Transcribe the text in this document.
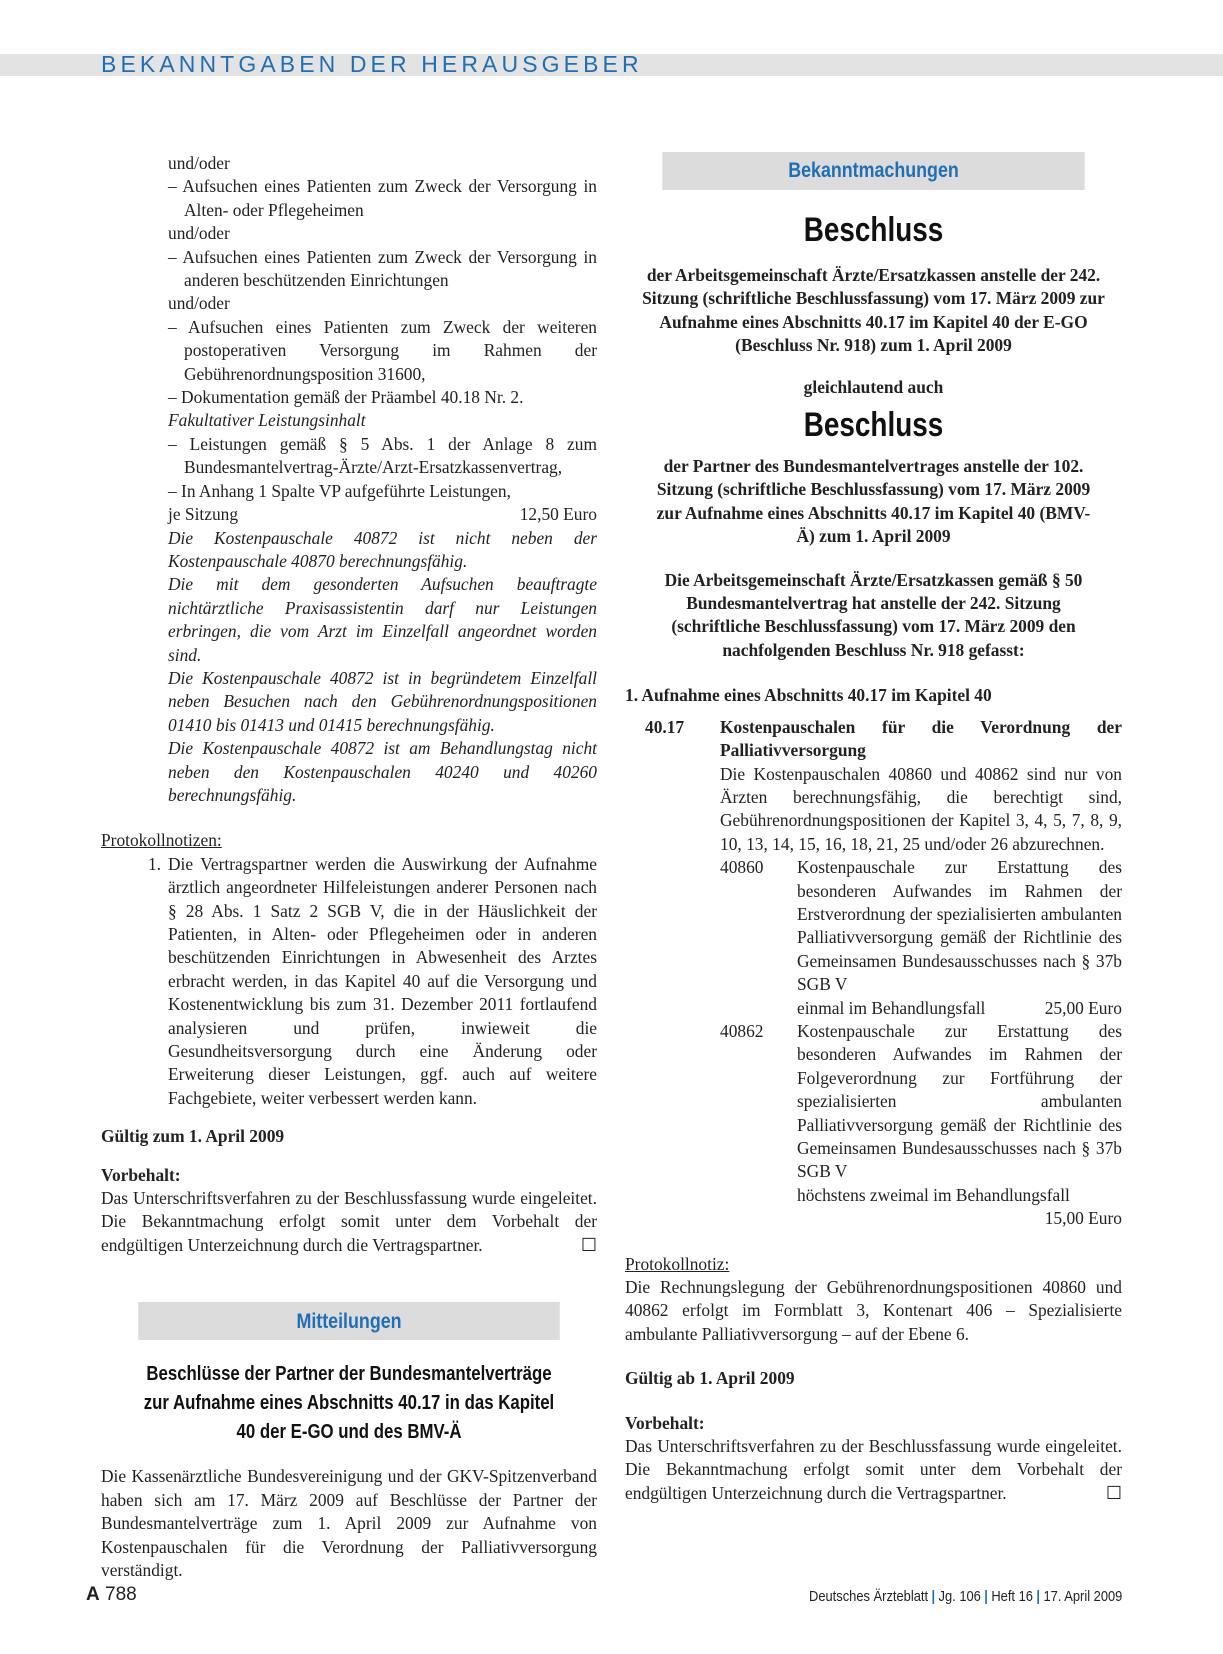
BEKANNTGABEN DER HERAUSGEBER

und/oder

– Aufsuchen eines Patienten zum Zweck der Versorgung in Alten- oder Pflegeheimen

und/oder

– Aufsuchen eines Patienten zum Zweck der Versorgung in anderen beschützenden Einrichtungen

und/oder

– Aufsuchen eines Patienten zum Zweck der weiteren postoperativen Versorgung im Rahmen der Gebührenordnungsposition 31600,

– Dokumentation gemäß der Präambel 40.18 Nr. 2.

Fakultativer Leistungsinhalt

– Leistungen gemäß § 5 Abs. 1 der Anlage 8 zum Bundesmantelvertrag-Ärzte/Arzt-Ersatzkassenvertrag,

– In Anhang 1 Spalte VP aufgeführte Leistungen,

je Sitzung	12,50 Euro

Die Kostenpauschale 40872 ist nicht neben der Kostenpauschale 40870 berechnungsfähig.

Die mit dem gesonderten Aufsuchen beauftragte nichtärztliche Praxisassistentin darf nur Leistungen erbringen, die vom Arzt im Einzelfall angeordnet worden sind.

Die Kostenpauschale 40872 ist in begründetem Einzelfall neben Besuchen nach den Gebührenordnungspositionen 01410 bis 01413 und 01415 berechnungsfähig.

Die Kostenpauschale 40872 ist am Behandlungstag nicht neben den Kostenpauschalen 40240 und 40260 berechnungsfähig.

Protokollnotizen:

1. Die Vertragspartner werden die Auswirkung der Aufnahme ärztlich angeordneter Hilfeleistungen anderer Personen nach § 28 Abs. 1 Satz 2 SGB V, die in der Häuslichkeit der Patienten, in Alten- oder Pflegeheimen oder in anderen beschützenden Einrichtungen in Abwesenheit des Arztes erbracht werden, in das Kapitel 40 auf die Versorgung und Kostenentwicklung bis zum 31. Dezember 2011 fortlaufend analysieren und prüfen, inwieweit die Gesundheitsversorgung durch eine Änderung oder Erweiterung dieser Leistungen, ggf. auch auf weitere Fachgebiete, weiter verbessert werden kann.

Gültig zum 1. April 2009

Vorbehalt:

Das Unterschriftsverfahren zu der Beschlussfassung wurde eingeleitet. Die Bekanntmachung erfolgt somit unter dem Vorbehalt der endgültigen Unterzeichnung durch die Vertragspartner.	☐

Mitteilungen
Beschlüsse der Partner der Bundesmantelverträge zur Aufnahme eines Abschnitts 40.17 in das Kapitel 40 der E-GO und des BMV-Ä

Die Kassenärztliche Bundesvereinigung und der GKV-Spitzenverband haben sich am 17. März 2009 auf Beschlüsse der Partner der Bundesmantelverträge zum 1. April 2009 zur Aufnahme von Kostenpauschalen für die Verordnung der Palliativversorgung verständigt.

Bekanntmachungen
Beschluss

der Arbeitsgemeinschaft Ärzte/Ersatzkassen anstelle der 242. Sitzung (schriftliche Beschlussfassung) vom 17. März 2009 zur Aufnahme eines Abschnitts 40.17 im Kapitel 40 der E-GO (Beschluss Nr. 918) zum 1. April 2009

gleichlautend auch

Beschluss

der Partner des Bundesmantelvertrages anstelle der 102. Sitzung (schriftliche Beschlussfassung) vom 17. März 2009 zur Aufnahme eines Abschnitts 40.17 im Kapitel 40 (BMV-Ä) zum 1. April 2009

Die Arbeitsgemeinschaft Ärzte/Ersatzkassen gemäß § 50 Bundesmantelvertrag hat anstelle der 242. Sitzung (schriftliche Beschlussfassung) vom 17. März 2009 den nachfolgenden Beschluss Nr. 918 gefasst:

1. Aufnahme eines Abschnitts 40.17 im Kapitel 40

40.17	Kostenpauschalen für die Verordnung der Palliativversorgung

Die Kostenpauschalen 40860 und 40862 sind nur von Ärzten berechnungsfähig, die berechtigt sind, Gebührenordnungspositionen der Kapitel 3, 4, 5, 7, 8, 9, 10, 13, 14, 15, 16, 18, 21, 25 und/oder 26 abzurechnen.

40860	Kostenpauschale zur Erstattung des besonderen Aufwandes im Rahmen der Erstverordnung der spezialisierten ambulanten Palliativversorgung gemäß der Richtlinie des Gemeinsamen Bundesausschusses nach § 37b SGB V

einmal im Behandlungsfall	25,00 Euro
40862	Kostenpauschale zur Erstattung des besonderen Aufwandes im Rahmen der Folgeverordnung zur Fortführung der spezialisierten ambulanten Palliativversorgung gemäß der Richtlinie des Gemeinsamen Bundesausschusses nach § 37b SGB V

höchstens zweimal im Behandlungsfall

15,00 Euro

Protokollnotiz:

Die Rechnungslegung der Gebührenordnungspositionen 40860 und 40862 erfolgt im Formblatt 3, Kontenart 406 – Spezialisierte ambulante Palliativversorgung – auf der Ebene 6.

Gültig ab 1. April 2009

Vorbehalt:

Das Unterschriftsverfahren zu der Beschlussfassung wurde eingeleitet. Die Bekanntmachung erfolgt somit unter dem Vorbehalt der endgültigen Unterzeichnung durch die Vertragspartner.	☐

A 788	Deutsches Ärzteblatt | Jg. 106 | Heft 16 | 17. April 2009
